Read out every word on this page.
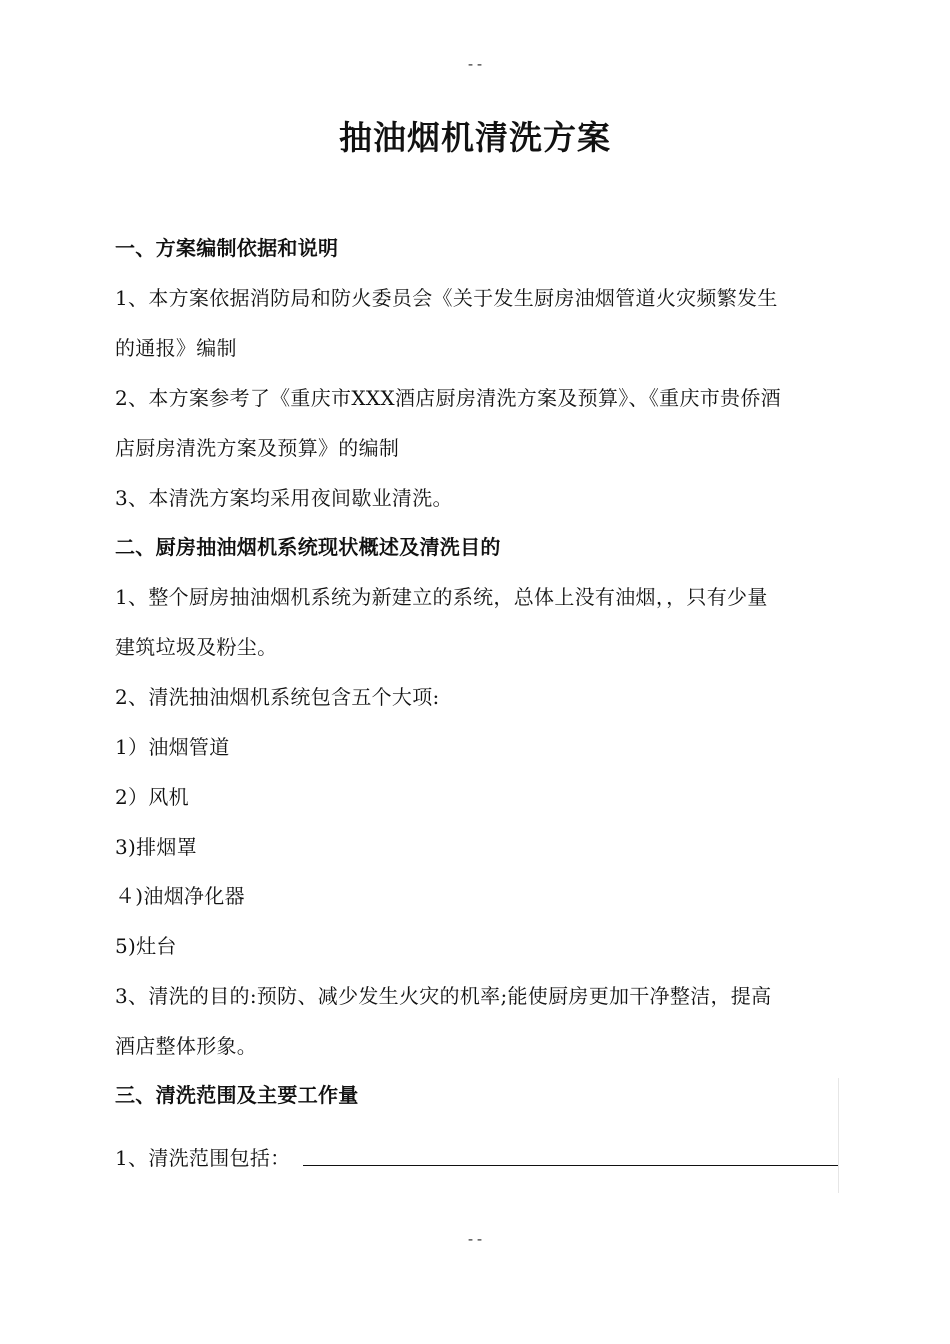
--
抽油烟机清洗方案
一、方案编制依据和说明
1、本方案依据消防局和防火委员会《关于发生厨房油烟管道火灾频繁发生
的通报》编制
2、本方案参考了《重庆市XXX酒店厨房清洗方案及预算》、《重庆市贵侨酒
店厨房清洗方案及预算》的编制
3、本清洗方案均采用夜间歇业清洗。
二、厨房抽油烟机系统现状概述及清洗目的
1、整个厨房抽油烟机系统为新建立的系统，总体上没有油烟，，只有少量
建筑垃圾及粉尘。
2、清洗抽油烟机系统包含五个大项:
1）油烟管道
2）风机
3)排烟罩
４)油烟净化器
5)灶台
3、清洗的目的:预防、减少发生火灾的机率;能使厨房更加干净整洁，提高
酒店整体形象。
三、清洗范围及主要工作量
1、清洗范围包括：
--
